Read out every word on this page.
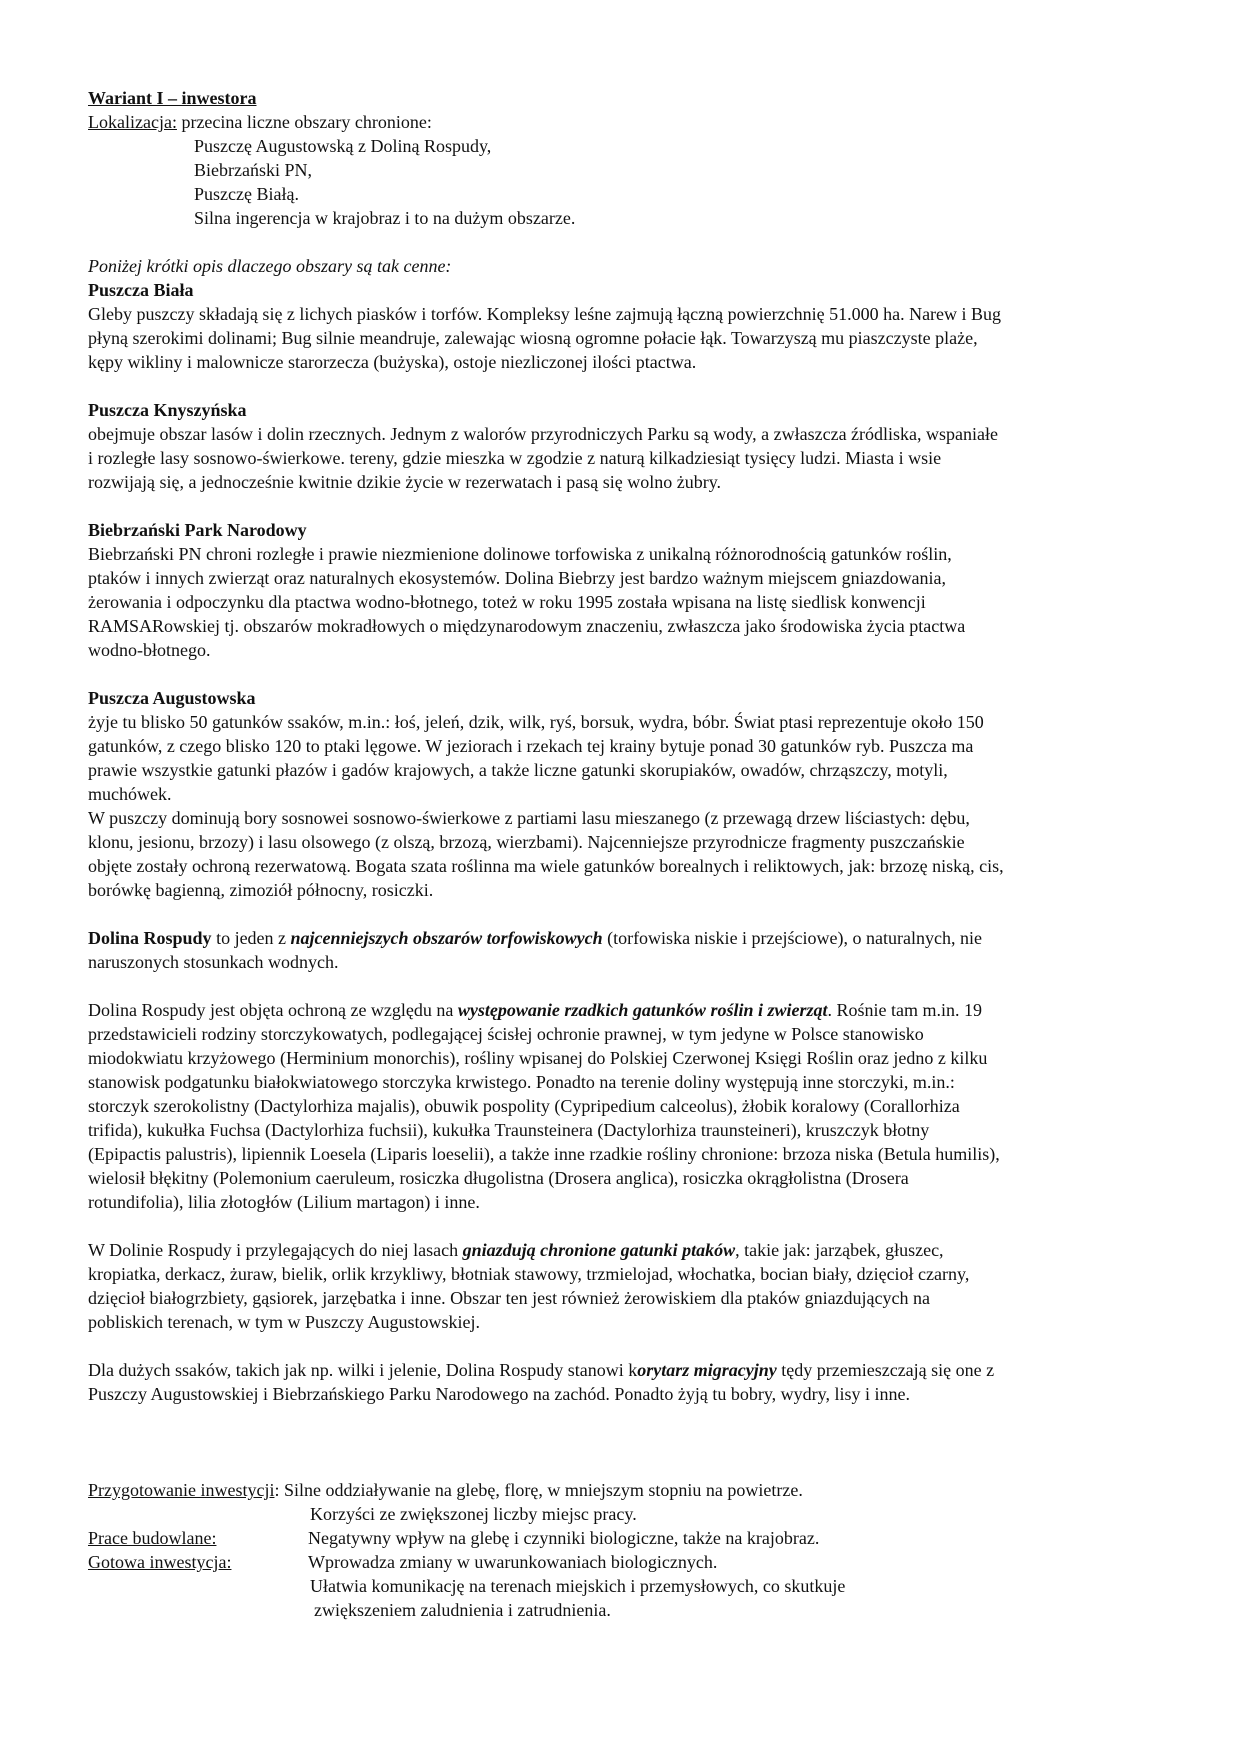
Wariant I – inwestora

Lokalizacja: przecina liczne obszary chronione:

Puszczę Augustowską z Doliną Rospudy,

Biebrzański PN,

Puszczę Białą.

Silna ingerencja w krajobraz i to na dużym obszarze.

Poniżej krótki opis dlaczego obszary są tak cenne:

Puszcza Biała

Gleby puszczy składają się z lichych piasków i torfów. Kompleksy leśne zajmują łączną powierzchnię 51.000 ha. Narew i Bug

płyną szerokimi dolinami; Bug silnie meandruje, zalewając wiosną ogromne połacie łąk. Towarzyszą mu piaszczyste plaże,

kępy wikliny i malownicze starorzecza (bużyska), ostoje niezliczonej ilości ptactwa.

Puszcza Knyszyńska

obejmuje obszar lasów i dolin rzecznych. Jednym z walorów przyrodniczych Parku są wody, a zwłaszcza źródliska, wspaniałe

i rozległe lasy sosnowo-świerkowe. tereny, gdzie mieszka w zgodzie z naturą kilkadziesiąt tysięcy ludzi. Miasta i wsie

rozwijają się, a jednocześnie kwitnie dzikie życie w rezerwatach i pasą się wolno żubry.

Biebrzański Park Narodowy

Biebrzański PN chroni rozległe i prawie niezmienione dolinowe torfowiska z unikalną różnorodnością gatunków roślin,

ptaków i innych zwierząt oraz naturalnych ekosystemów. Dolina Biebrzy jest bardzo ważnym miejscem gniazdowania,

żerowania i odpoczynku dla ptactwa wodno-błotnego, toteż w roku 1995 została wpisana na listę siedlisk konwencji

RAMSARowskiej tj. obszarów mokradłowych o międzynarodowym znaczeniu, zwłaszcza jako środowiska życia ptactwa

wodno-błotnego.

Puszcza Augustowska

żyje tu blisko 50 gatunków ssaków, m.in.: łoś, jeleń, dzik, wilk, ryś, borsuk, wydra, bóbr. Świat ptasi reprezentuje około 150

gatunków, z czego blisko 120 to ptaki lęgowe. W jeziorach i rzekach tej krainy bytuje ponad 30 gatunków ryb. Puszcza ma

prawie wszystkie gatunki płazów i gadów krajowych, a także liczne gatunki skorupiaków, owadów, chrząszczy, motyli,

muchówek.

W puszczy dominują bory sosnowei sosnowo-świerkowe z partiami lasu mieszanego (z przewagą drzew liściastych: dębu,

klonu, jesionu, brzozy) i lasu olsowego (z olszą, brzozą, wierzbami). Najcenniejsze przyrodnicze fragmenty puszczańskie

objęte zostały ochroną rezerwatową. Bogata szata roślinna ma wiele gatunków borealnych i reliktowych, jak: brzozę niską, cis,

borówkę bagienną, zimoziół północny, rosiczki.

Dolina Rospudy to jeden z najcenniejszych obszarów torfowiskowych (torfowiska niskie i przejściowe), o naturalnych, nie

naruszonych stosunkach wodnych.

Dolina Rospudy jest objęta ochroną ze względu na występowanie rzadkich gatunków roślin i zwierząt. Rośnie tam m.in. 19

przedstawicieli rodziny storczykowatych, podlegającej ścisłej ochronie prawnej, w tym jedyne w Polsce stanowisko

miodokwiatu krzyżowego (Herminium monorchis), rośliny wpisanej do Polskiej Czerwonej Księgi Roślin oraz jedno z kilku

stanowisk podgatunku białokwiatowego storczyka krwistego. Ponadto na terenie doliny występują inne storczyki, m.in.:

storczyk szerokolistny (Dactylorhiza majalis), obuwik pospolity (Cypripedium calceolus), żłobik koralowy (Corallorhiza

trifida), kukułka Fuchsa (Dactylorhiza fuchsii), kukułka Traunsteinera (Dactylorhiza traunsteineri), kruszczyk błotny

(Epipactis palustris), lipiennik Loesela (Liparis loeselii), a także inne rzadkie rośliny chronione: brzoza niska (Betula humilis),

wielosił błękitny (Polemonium caeruleum, rosiczka długolistna (Drosera anglica), rosiczka okrągłolistna (Drosera

rotundifolia), lilia złotogłów (Lilium martagon) i inne.

W Dolinie Rospudy i przylegających do niej lasach gniazdują chronione gatunki ptaków, takie jak: jarząbek, głuszec,

kropiatka, derkacz, żuraw, bielik, orlik krzykliwy, błotniak stawowy, trzmielojad, włochatka, bocian biały, dzięcioł czarny,

dzięcioł białogrzbiety, gąsiorek, jarzębatka i inne. Obszar ten jest również żerowiskiem dla ptaków gniazdujących na

pobliskich terenach, w tym w Puszczy Augustowskiej.

Dla dużych ssaków, takich jak np. wilki i jelenie, Dolina Rospudy stanowi korytarz migracyjny tędy przemieszczają się one z

Puszczy Augustowskiej i Biebrzańskiego Parku Narodowego na zachód. Ponadto żyją tu bobry, wydry, lisy i inne.

Przygotowanie inwestycji: Silne oddziaływanie na glebę, florę, w mniejszym stopniu na powietrze.

Korzyści ze zwiększonej liczby miejsc pracy.

Prace budowlane:	Negatywny wpływ na glebę i czynniki biologiczne, także na krajobraz.
Gotowa inwestycja:	Wprowadza zmiany w uwarunkowaniach biologicznych.

Ułatwia komunikację na terenach miejskich i przemysłowych, co skutkuje

zwiększeniem zaludnienia i zatrudnienia.
